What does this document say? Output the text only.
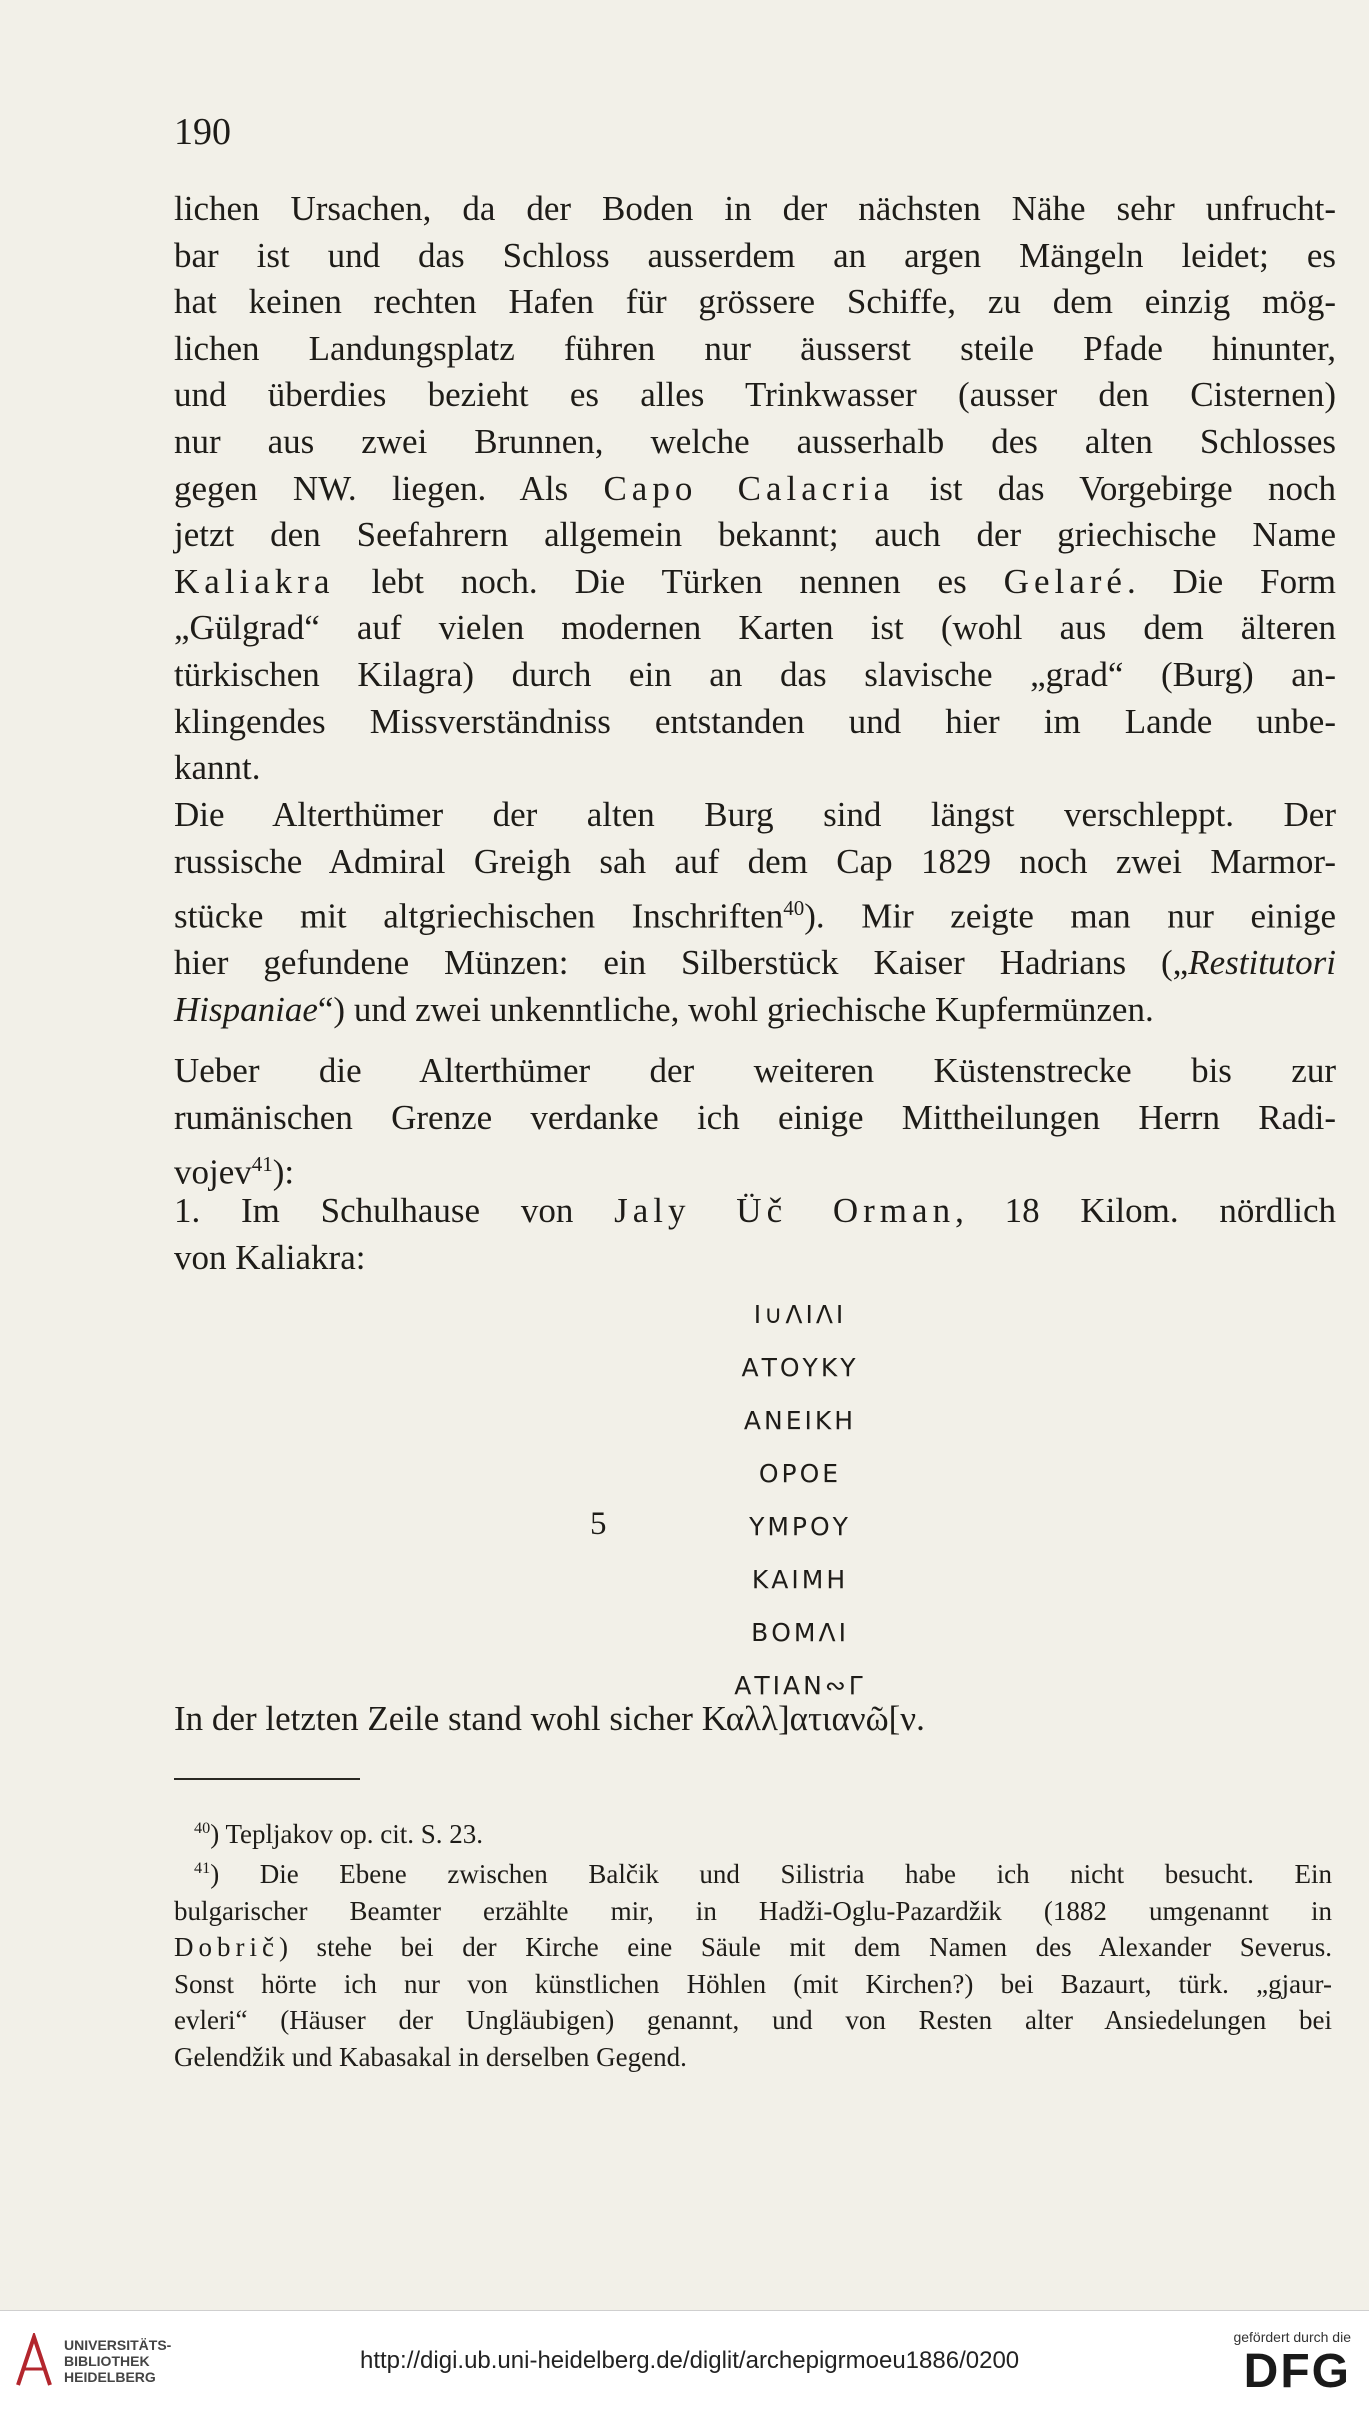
190
lichen Ursachen, da der Boden in der nächsten Nähe sehr unfrucht-
bar ist und das Schloss ausserdem an argen Mängeln leidet; es
hat keinen rechten Hafen für grössere Schiffe, zu dem einzig mög-
lichen Landungsplatz führen nur äusserst steile Pfade hinunter,
und überdies bezieht es alles Trinkwasser (ausser den Cisternen)
nur aus zwei Brunnen, welche ausserhalb des alten Schlosses
gegen NW. liegen. Als Capo Calacria ist das Vorgebirge noch
jetzt den Seefahrern allgemein bekannt; auch der griechische Name
Kaliakra lebt noch. Die Türken nennen es Gelaré. Die Form
„Gülgrad“ auf vielen modernen Karten ist (wohl aus dem älteren
türkischen Kilagra) durch ein an das slavische „grad“ (Burg) an-
klingendes Missverständniss entstanden und hier im Lande unbe-
kannt.
Die Alterthümer der alten Burg sind längst verschleppt. Der
russische Admiral Greigh sah auf dem Cap 1829 noch zwei Marmor-
stücke mit altgriechischen Inschriften$^{40}$). Mir zeigte man nur einige
hier gefundene Münzen: ein Silberstück Kaiser Hadrians („Restitutori
Hispaniae“) und zwei unkenntliche, wohl griechische Kupfermünzen.
Ueber die Alterthümer der weiteren Küstenstrecke bis zur
rumänischen Grenze verdanke ich einige Mittheilungen Herrn Radi-
vojev$^{41}$):
1. Im Schulhause von Jaly Üč Orman, 18 Kilom. nördlich
von Kaliakra:
I∪ΛIΛI
ΑΤΟΥΚΥ
ΑΝΕΙΚΗ
ΟΡΟΕ
5	ΥΜΡΟΥ
ΚΑΙΜΗ
ΒΟΜΛΙ
ΑΤΙΑΝ∾Γ
In der letzten Zeile stand wohl sicher Καλλ]ατιανῶ[ν.
$^{40}$) Tepljakov op. cit. S. 23.
$^{41}$) Die Ebene zwischen Balčik und Silistria habe ich nicht besucht. Ein
bulgarischer Beamter erzählte mir, in Hadži-Oglu-Pazardžik (1882 umgenannt in
Dobrič) stehe bei der Kirche eine Säule mit dem Namen des Alexander Severus.
Sonst hörte ich nur von künstlichen Höhlen (mit Kirchen?) bei Bazaurt, türk. „gjaur-
evleri“ (Häuser der Ungläubigen) genannt, und von Resten alter Ansiedelungen bei
Gelendžik und Kabasakal in derselben Gegend.
UNIVERSITÄTS-
BIBLIOTHEK
HEIDELBERG
http://digi.ub.uni-heidelberg.de/diglit/archepigrmoeu1886/0200
gefördert durch die
DFG
